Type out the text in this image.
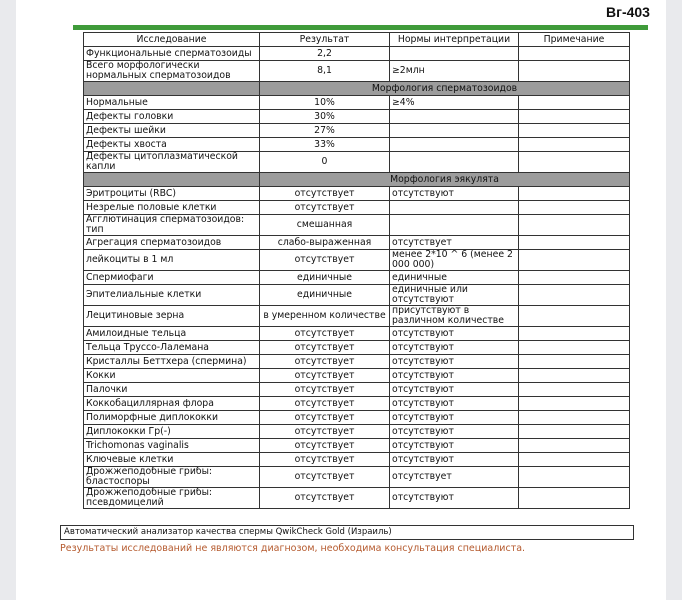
Вг-403
Исследование	Результат	Нормы интерпретации	Примечание
Функциональные сперматозоиды	2,2		
Всего морфологически нормальных сперматозоидов	8,1	≥2млн	
	Морфология сперматозоидов		
Нормальные	10%	≥4%	
Дефекты головки	30%		
Дефекты шейки	27%		
Дефекты хвоста	33%		
Дефекты цитоплазматической капли	0		
	Морфология эякулята		
Эритроциты (RBC)	отсутствует	отсутствуют	
Незрелые половые клетки	отсутствует		
Агглютинация сперматозоидов: тип	смешанная		
Агрегация сперматозоидов	слабо-выраженная	отсутствует	
лейкоциты в 1 мл	отсутствует	менее 2*10 ^ 6 (менее 2 000 000)	
Спермиофаги	единичные	единичные	
Эпителиальные клетки	единичные	единичные или отсутствуют	
Лецитиновые зерна	в умеренном количестве	присутствуют в различном количестве	
Амилоидные тельца	отсутствует	отсутствуют	
Тельца Труссо-Лалемана	отсутствует	отсутствуют	
Кристаллы Беттхера (спермина)	отсутствует	отсутствуют	
Кокки	отсутствует	отсутствуют	
Палочки	отсутствует	отсутствуют	
Коккобациллярная флора	отсутствует	отсутствуют	
Полиморфные диплококки	отсутствует	отсутствуют	
Диплококки Гр(-)	отсутствует	отсутствуют	
Trichomonas vaginalis	отсутствует	отсутствуют	
Ключевые клетки	отсутствует	отсутствуют	
Дрожжеподобные грибы: бластоспоры	отсутствует	отсутствует	
Дрожжеподобные грибы: псевдомицелий	отсутствует	отсутствуют	
Автоматический анализатор качества спермы QwikCheck Gold (Израиль)
Результаты исследований не являются диагнозом, необходима консультация специалиста.
